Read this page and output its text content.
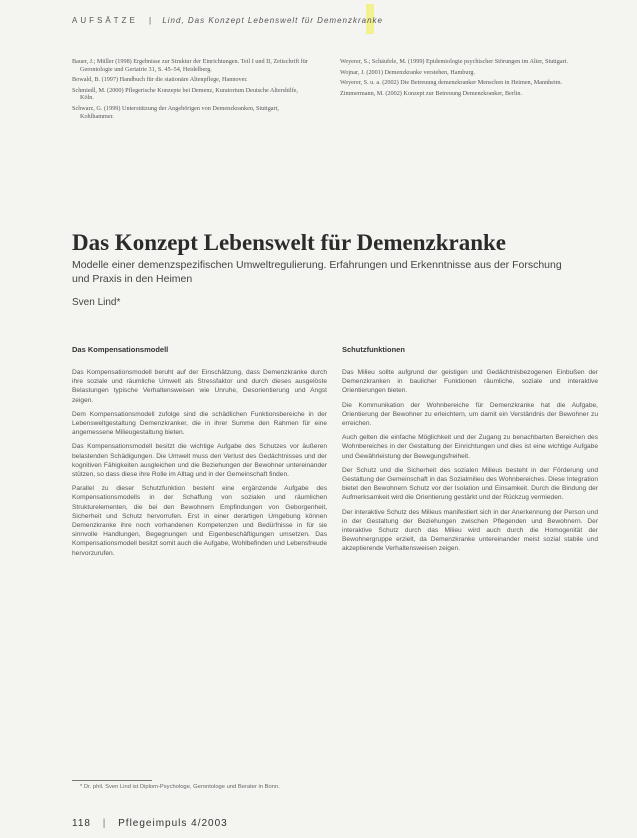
AUFSÄTZE | Lind, Das Konzept Lebenswelt für Demenzkranke

Bauer, J.; Müller (1998) Ergebnisse zur Struktur der Einrichtungen. Teil I und II, Zeitschrift für Gerontologie und Geriatrie 31, S. 45–54, Heidelberg.

Bowald, B. (1997) Handbuch für die stationäre Altenpflege, Hannover.

Schmiedl, M. (2000) Pflegerische Konzepte bei Demenz, Kuratorium Deutsche Altershilfe, Köln.

Schwarz, G. (1999) Unterstützung der Angehörigen von Demenzkranken, Stuttgart, Kohlhammer.

Weyerer, S.; Schäufele, M. (1999) Epidemiologie psychischer Störungen im Alter, Stuttgart.

Wojnar, J. (2001) Demenzkranke verstehen, Hamburg.

Weyerer, S. u. a. (2002) Die Betreuung demenzkranker Menschen in Heimen, Mannheim.

Zimmermann, M. (2002) Konzept zur Betreuung Demenzkranker, Berlin.

Das Konzept Lebenswelt für Demenzkranke

Modelle einer demenzspezifischen Umweltregulierung. Erfahrungen und Erkenntnisse aus der Forschung und Praxis in den Heimen

Sven Lind*
Das Kompensationsmodell

Das Kompensationsmodell beruht auf der Einschätzung, dass Demenzkranke durch ihre soziale und räumliche Umwelt als Stressfaktor und durch dieses ausgelöste Belastungen typische Verhaltensweisen wie Unruhe, Desorientierung und Angst zeigen.

Dem Kompensationsmodell zufolge sind die schädlichen Funktionsbereiche in der Lebensweltgestaltung Demenzkranker, die in ihrer Summe den Rahmen für eine angemessene Milieugestaltung bieten.

Das Kompensationsmodell besitzt die wichtige Aufgabe des Schutzes vor äußeren belastenden Schädigungen. Die Umwelt muss den Verlust des Gedächtnisses und der kognitiven Fähigkeiten ausgleichen und die Beziehungen der Bewohner untereinander stützen, so dass diese ihre Rolle im Alltag und in der Gemeinschaft finden.

Parallel zu dieser Schutzfunktion besteht eine ergänzende Aufgabe des Kompensationsmodells in der Schaffung von sozialen und räumlichen Strukturelementen, die bei den Bewohnern Empfindungen von Geborgenheit, Sicherheit und Schutz hervorrufen. Erst in einer derartigen Umgebung können Demenzkranke ihre noch vorhandenen Kompetenzen und Bedürfnisse in für sie sinnvolle Handlungen, Begegnungen und Eigenbeschäftigungen umsetzen. Das Kompensationsmodell besitzt somit auch die Aufgabe, Wohlbefinden und Lebensfreude hervorzurufen.

Schutzfunktionen

Das Milieu sollte aufgrund der geistigen und Gedächtnisbezogenen Einbußen der Demenzkranken in baulicher Funktionen räumliche, soziale und interaktive Orientierungen bieten.

Die Kommunikation der Wohnbereiche für Demenzkranke hat die Aufgabe, Orientierung der Bewohner zu erleichtern, um damit ein Verständnis der Bewohner zu erreichen.

Auch gelten die einfache Möglichkeit und der Zugang zu benachbarten Bereichen des Wohnbereiches in der Gestaltung der Einrichtungen und dies ist eine wichtige Aufgabe und Gewährleistung der Bewegungsfreiheit.

Der Schutz und die Sicherheit des sozialen Milieus besteht in der Förderung und Gestaltung der Gemeinschaft in das Sozialmilieu des Wohnbereiches. Diese Integration bietet den Bewohnern Schutz vor der Isolation und Einsamkeit. Durch die Bindung der Aufmerksamkeit wird die Orientierung gestärkt und der Rückzug vermieden.

Der interaktive Schutz des Milieus manifestiert sich in der Anerkennung der Person und in der Gestaltung der Beziehungen zwischen Pflegenden und Bewohnern. Der interaktive Schutz durch das Milieu wird auch durch die Homogenität der Bewohnergruppe erzielt, da Demenzkranke untereinander meist sozial stabile und akzeptierende Verhaltensweisen zeigen.

* Dr. phil. Sven Lind ist Diplom-Psychologe, Gerontologe und Berater in Bonn.
118 | Pflegeimpuls 4/2003
